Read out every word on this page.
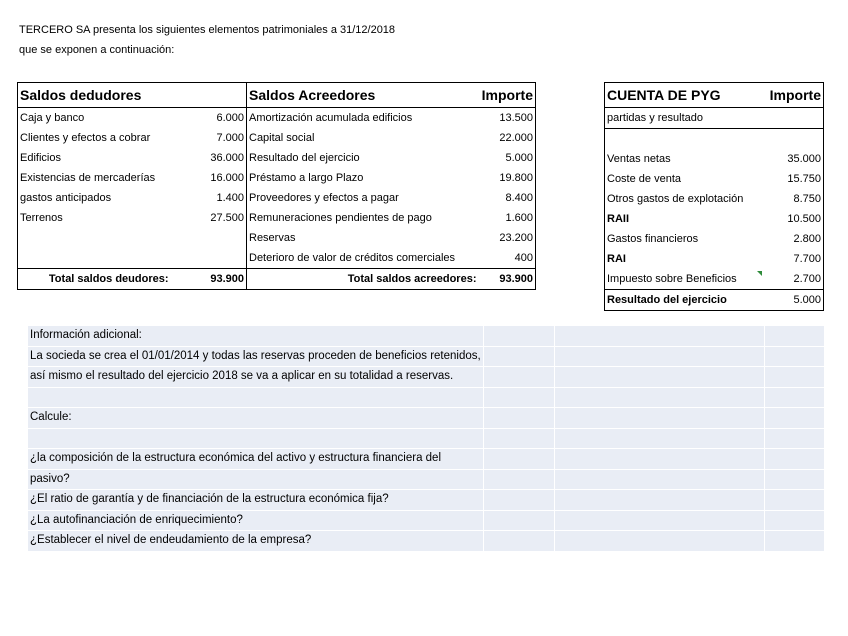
TERCERO SA presenta los siguientes elementos patrimoniales a 31/12/2018
que se exponen a continuación:
Saldos dedudores		Saldos Acreedores	Importe
Caja y banco	6.000	Amortización acumulada edificios	13.500
Clientes y efectos a cobrar	7.000	Capital social	22.000
Edificios	36.000	Resultado del ejercicio	5.000
Existencias de mercaderías	16.000	Préstamo a largo Plazo	19.800
gastos anticipados	1.400	Proveedores y efectos a pagar	8.400
Terrenos	27.500	Remuneraciones pendientes de pago	1.600
		Reservas	23.200
		Deterioro de valor de créditos comerciales	400
Total saldos deudores:	93.900	Total saldos acreedores:	93.900
CUENTA DE PYG	Importe
partidas y resultado	

Ventas netas	35.000
Coste de venta	15.750
Otros gastos de explotación	8.750
RAII	10.500
Gastos financieros	2.800
RAI	7.700
Impuesto sobre Beneficios	2.700
Resultado del ejercicio	5.000
Información adicional:			
La socieda se crea el 01/01/2014 y todas las reservas proceden de beneficios retenidos,			
así mismo el resultado del ejercicio 2018 se va a aplicar en su totalidad a reservas.			

Calcule:			

¿la composición de la estructura económica del activo y estructura financiera del			
pasivo?			
¿El ratio de garantía y de financiación de la estructura económica fija?			
¿La autofinanciación de enriquecimiento?			
¿Establecer el nivel de endeudamiento de la empresa?			
